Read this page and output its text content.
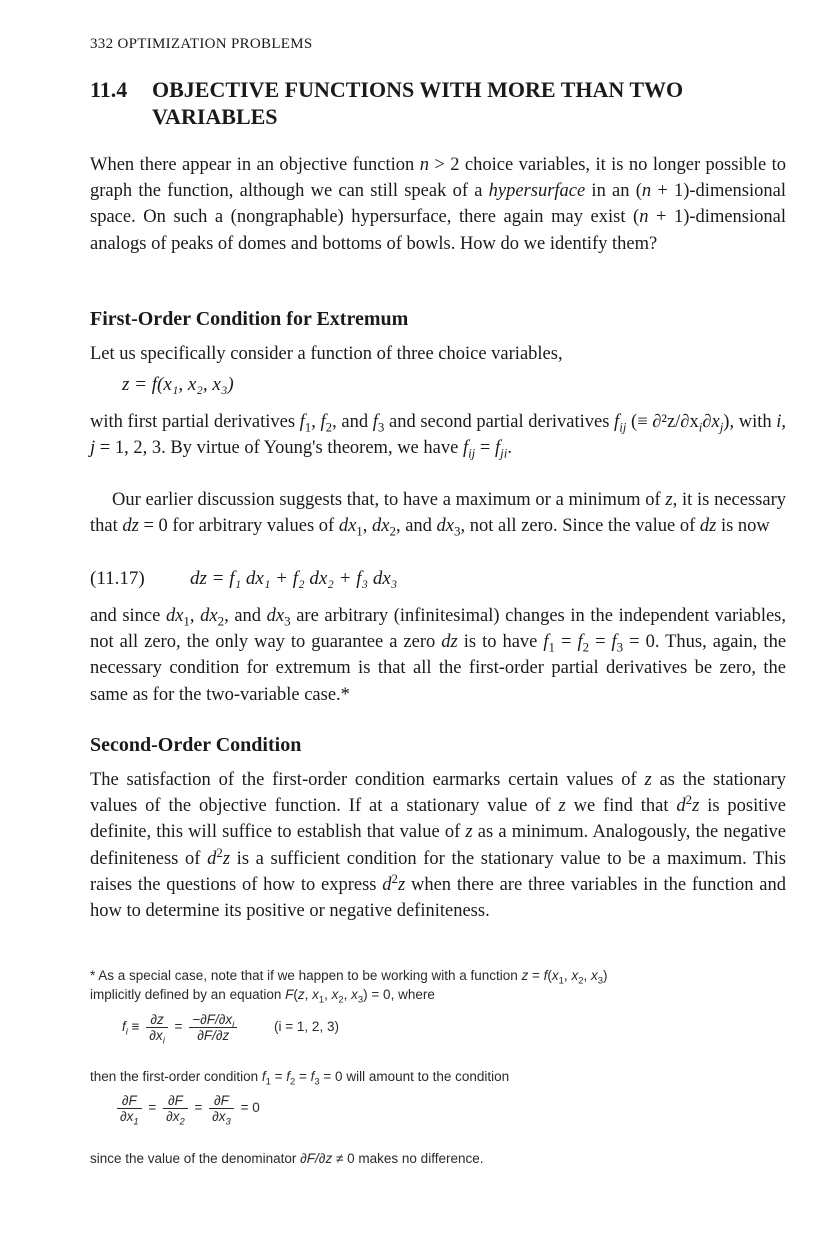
332 OPTIMIZATION PROBLEMS
11.4 OBJECTIVE FUNCTIONS WITH MORE THAN TWO
VARIABLES
When there appear in an objective function n > 2 choice variables, it is no longer possible to graph the function, although we can still speak of a hypersurface in an (n + 1)-dimensional space. On such a (nongraphable) hypersurface, there again may exist (n + 1)-dimensional analogs of peaks of domes and bottoms of bowls. How do we identify them?
First-Order Condition for Extremum
Let us specifically consider a function of three choice variables,
z = f(x₁, x₂, x₃)
with first partial derivatives $f_1$, $f_2$, and $f_3$ and second partial derivatives $f_{ij}$ (≡ $\partial^2z/\partial x_i\partial x_j$), with i, j = 1, 2, 3. By virtue of Young's theorem, we have $f_{ij} = f_{ji}$.
Our earlier discussion suggests that, to have a maximum or a minimum of z, it is necessary that dz = 0 for arbitrary values of $dx_1$, $dx_2$, and $dx_3$, not all zero. Since the value of dz is now
(11.17) dz = f₁ dx₁ + f₂ dx₂ + f₃ dx₃
and since $dx_1$, $dx_2$, and $dx_3$ are arbitrary (infinitesimal) changes in the independent variables, not all zero, the only way to guarantee a zero dz is to have $f_1 = f_2 = f_3 = 0$. Thus, again, the necessary condition for extremum is that all the first-order partial derivatives be zero, the same as for the two-variable case.*
Second-Order Condition
The satisfaction of the first-order condition earmarks certain values of z as the stationary values of the objective function. If at a stationary value of z we find that $d^2z$ is positive definite, this will suffice to establish that value of z as a minimum. Analogously, the negative definiteness of $d^2z$ is a sufficient condition for the stationary value to be a maximum. This raises the questions of how to express $d^2z$ when there are three variables in the function and how to determine its positive or negative definiteness.
* As a special case, note that if we happen to be working with a function $z = f(x_1$, $x_2$, $x_3$)
implicitly defined by an equation F(z, $x_1$, $x_2$, $x_3) = 0$, where
$f_i \equiv \frac{\partial z}{\partial x_i} = \frac{-\partial F/\partial x_i}{\partial F/\partial z}$	(i = 1, 2, 3)
then the first-order condition $f_1 = f_2 = f_3 = 0$ will amount to the condition
$\frac{\partial F}{\partial x_1} = \frac{\partial F}{\partial x_2} = \frac{\partial F}{\partial x_3} = 0$
since the value of the denominator ∂F/∂z ≠ 0 makes no difference.
